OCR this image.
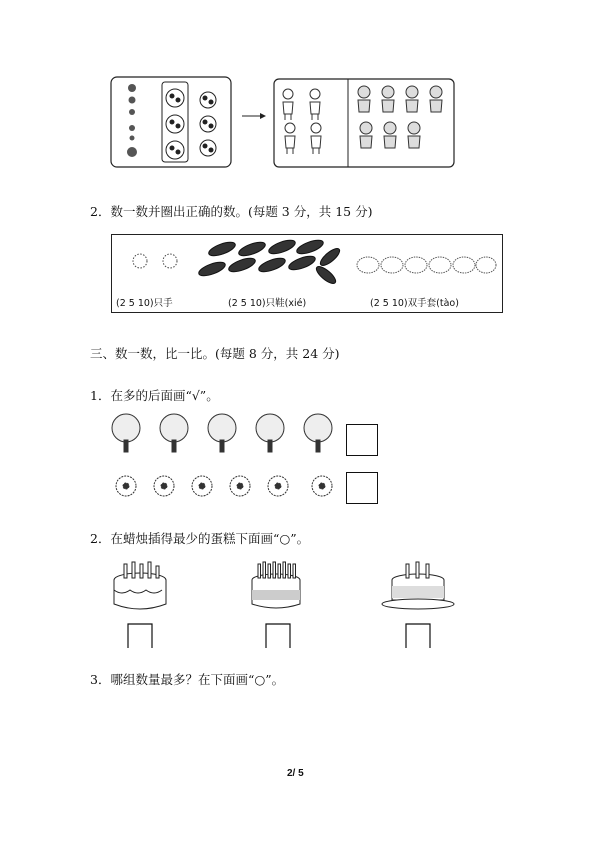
2．数一数并圈出正确的数。(每题 3 分，共 15 分)
(2 5 10)只手	(2 5 10)只鞋(xié)	(2 5 10)双手套(tào)
三、数一数，比一比。(每题 8 分，共 24 分)
1．在多的后面画“√”。
2．在蜡烛插得最少的蛋糕下面画“○”。
3．哪组数量最多？在下面画“○”。
2/ 5
